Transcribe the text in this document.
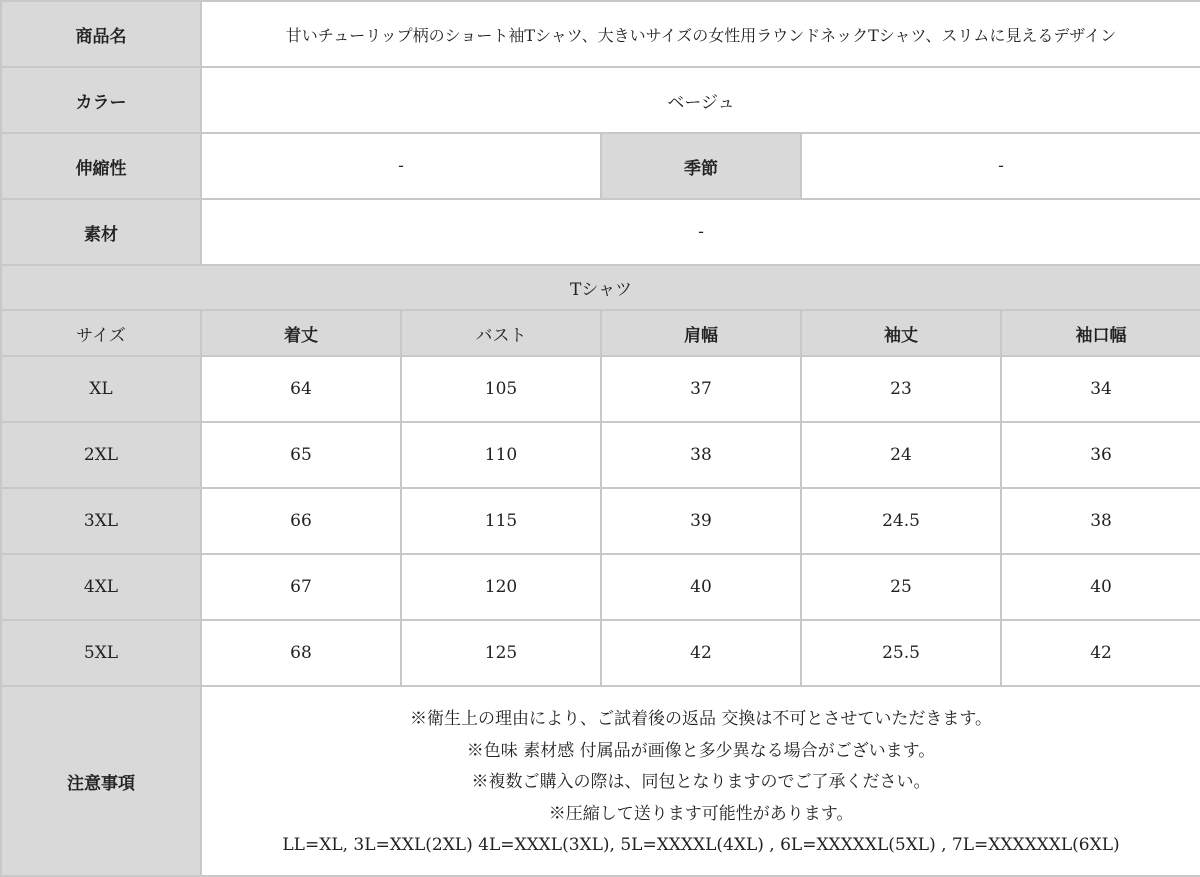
商品名	甘いチューリップ柄のショート袖Tシャツ、大きいサイズの女性用ラウンドネックTシャツ、スリムに見えるデザイン				
カラー	ベージュ				
伸縮性	-		季節	-	
素材	-				
Tシャツ					
サイズ	着丈	バスト	肩幅	袖丈	袖口幅
XL	64	105	37	23	34
2XL	65	110	38	24	36
3XL	66	115	39	24.5	38
4XL	67	120	40	25	40
5XL	68	125	42	25.5	42
注意事項	※衛生上の理由により、ご試着後の返品 交換は不可とさせていただきます。
※色味 素材感 付属品が画像と多少異なる場合がございます。
※複数ご購入の際は、同包となりますのでご了承ください。
※圧縮して送ります可能性があります。
LL=XL, 3L=XXL(2XL) 4L=XXXL(3XL), 5L=XXXXL(4XL) , 6L=XXXXXL(5XL) , 7L=XXXXXXL(6XL)				
